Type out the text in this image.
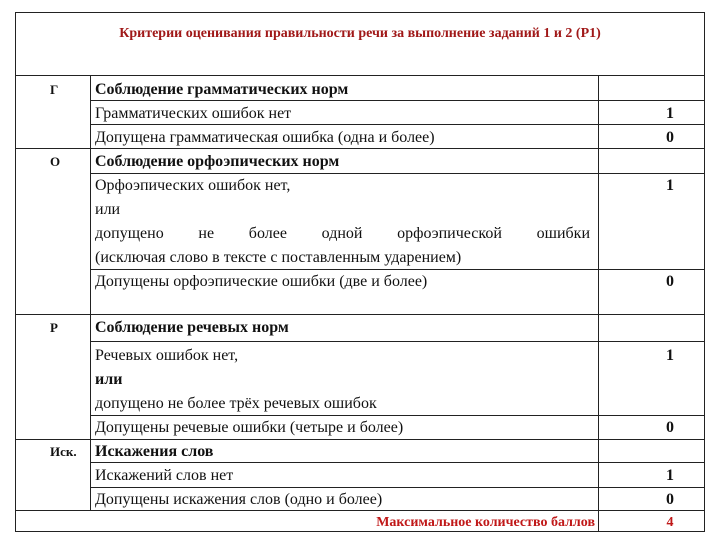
Критерии оценивания правильности речи за выполнение заданий 1 и 2 (Р1)
Г Соблюдение грамматических норм
Грамматических ошибок нет	1
Допущена грамматическая ошибка (одна и более)	0
О Соблюдение орфоэпических норм
Орфоэпических ошибок нет,	1
или
допущено не более одной орфоэпической ошибки
(исключая слово в тексте с поставленным ударением)
Допущены орфоэпические ошибки (две и более)	0
Р Соблюдение речевых норм
Речевых ошибок нет,	1
или
допущено не более трёх речевых ошибок
Допущены речевые ошибки (четыре и более)	0
Иск. Искажения слов
Искажений слов нет	1
Допущены искажения слов (одно и более)	0
Максимальное количество баллов	4
